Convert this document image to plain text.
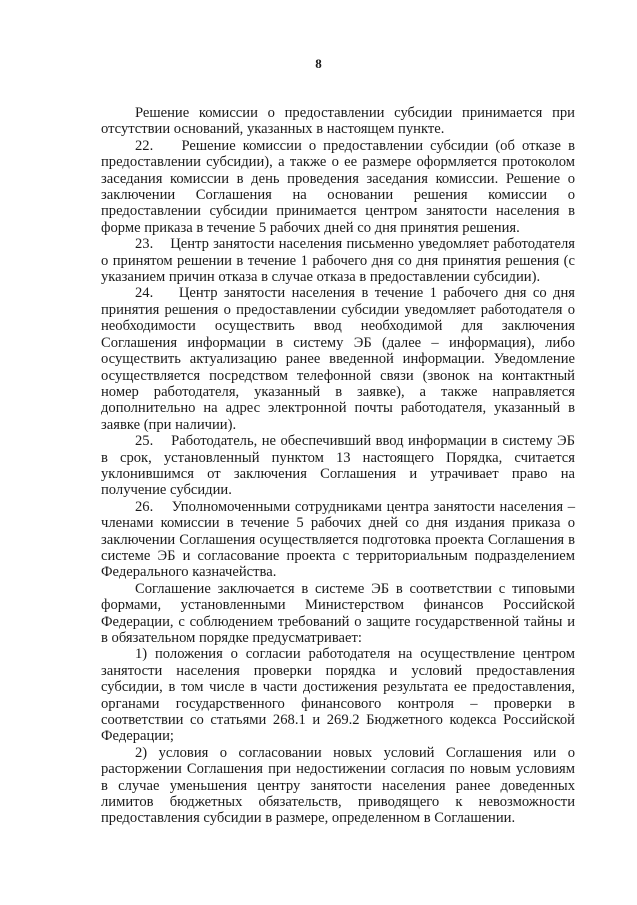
8

Решение комиссии о предоставлении субсидии принимается при отсутствии оснований, указанных в настоящем пункте.

22.    Решение комиссии о предоставлении субсидии (об отказе в предоставлении субсидии), а также о ее размере оформляется протоколом заседания комиссии в день проведения заседания комиссии. Решение о заключении Соглашения на основании решения комиссии о предоставлении субсидии принимается центром занятости населения в форме приказа в течение 5 рабочих дней со дня принятия решения.

23.    Центр занятости населения письменно уведомляет работодателя о принятом решении в течение 1 рабочего дня со дня принятия решения (с указанием причин отказа в случае отказа в предоставлении субсидии).

24.    Центр занятости населения в течение 1 рабочего дня со дня принятия решения о предоставлении субсидии уведомляет работодателя о необходимости осуществить ввод необходимой для заключения Соглашения информации в систему ЭБ (далее – информация), либо осуществить актуализацию ранее введенной информации. Уведомление осуществляется посредством телефонной связи (звонок на контактный номер работодателя, указанный в заявке), а также направляется дополнительно на адрес электронной почты работодателя, указанный в заявке (при наличии).

25.    Работодатель, не обеспечивший ввод информации в систему ЭБ в срок, установленный пунктом 13 настоящего Порядка, считается уклонившимся от заключения Соглашения и утрачивает право на получение субсидии.

26.    Уполномоченными сотрудниками центра занятости населения – членами комиссии в течение 5 рабочих дней со дня издания приказа о заключении Соглашения осуществляется подготовка проекта Соглашения в системе ЭБ и согласование проекта с территориальным подразделением Федерального казначейства.

Соглашение заключается в системе ЭБ в соответствии с типовыми формами, установленными Министерством финансов Российской Федерации, с соблюдением требований о защите государственной тайны и в обязательном порядке предусматривает:

1) положения о согласии работодателя на осуществление центром занятости населения проверки порядка и условий предоставления субсидии, в том числе в части достижения результата ее предоставления, органами государственного финансового контроля – проверки в соответствии со статьями 268.1 и 269.2 Бюджетного кодекса Российской Федерации;

2) условия о согласовании новых условий Соглашения или о расторжении Соглашения при недостижении согласия по новым условиям в случае уменьшения центру занятости населения ранее доведенных лимитов бюджетных обязательств, приводящего к невозможности предоставления субсидии в размере, определенном в Соглашении.
